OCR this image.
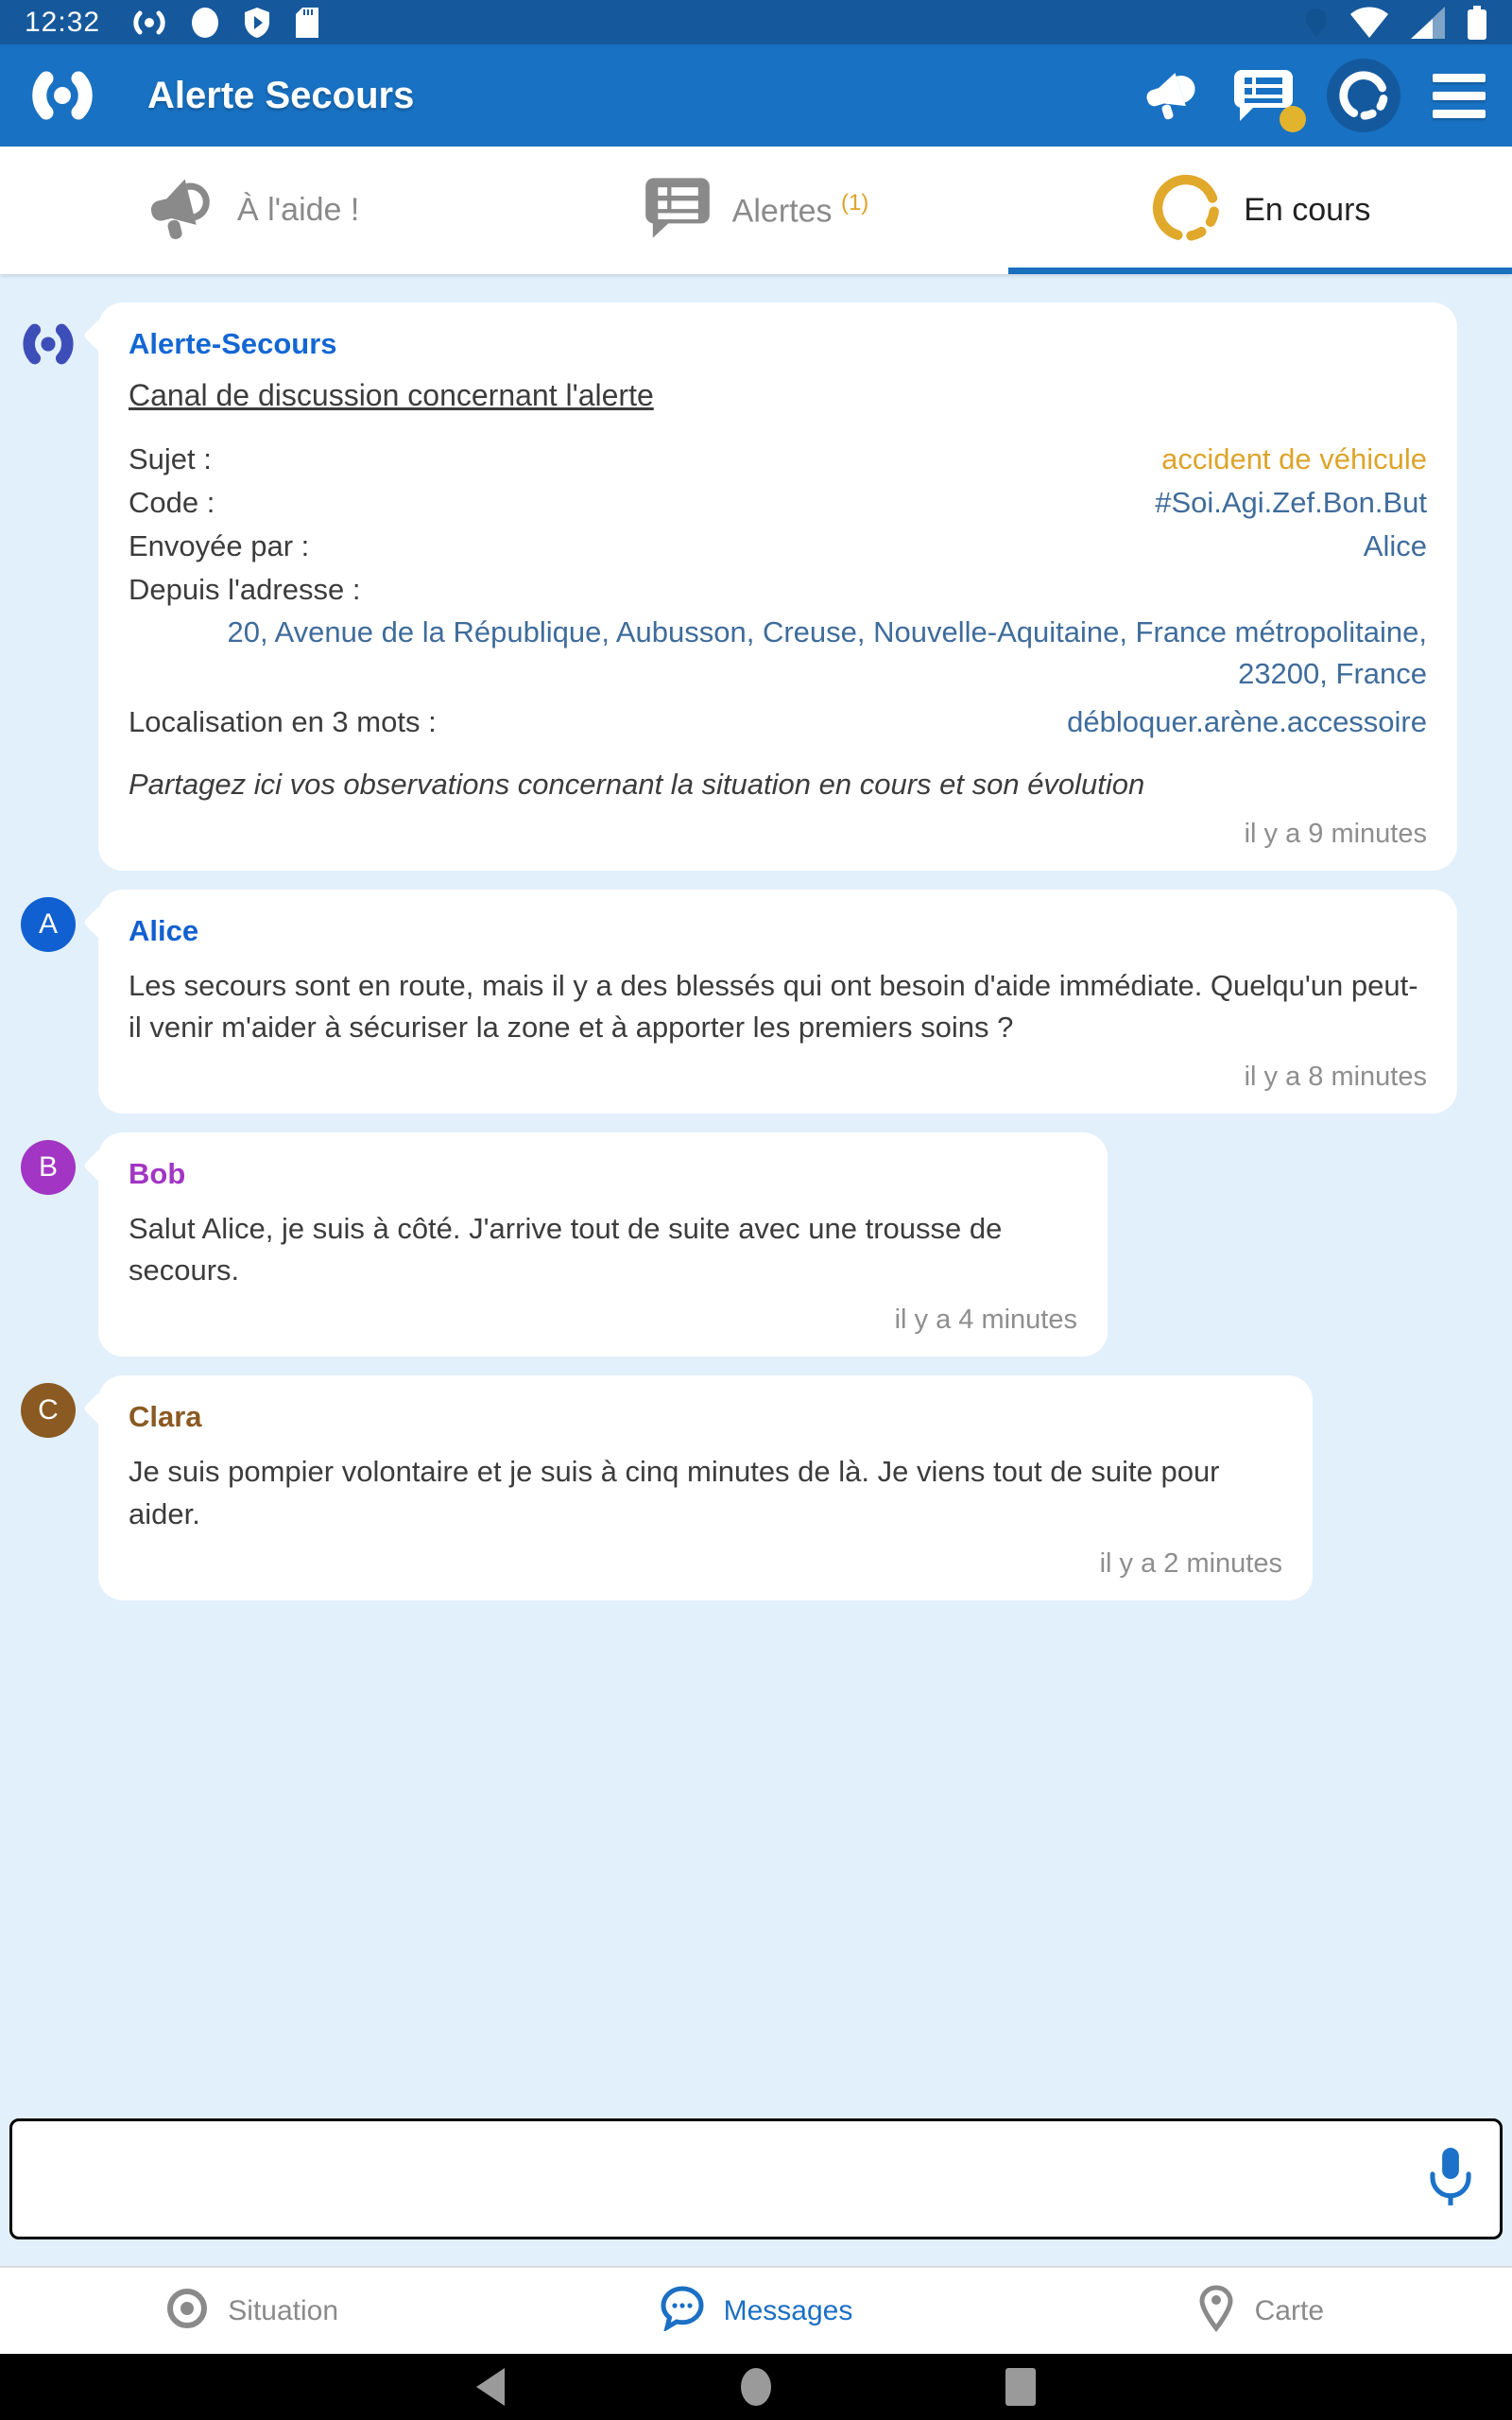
12:32
Alerte Secours
À l'aide !	Alertes $^{(1)}$	En cours
Alerte-Secours
Canal de discussion concernant l'alerte
Sujet :	accident de véhicule
Code :	#Soi.Agi.Zef.Bon.But
Envoyée par :	Alice
Depuis l'adresse :
20, Avenue de la République, Aubusson, Creuse, Nouvelle-Aquitaine, France métropolitaine, 23200, France
Localisation en 3 mots :	débloquer.arène.accessoire
Partagez ici vos observations concernant la situation en cours et son évolution
il y a 9 minutes
A	Alice
Les secours sont en route, mais il y a des blessés qui ont besoin d'aide immédiate. Quelqu'un peut-il venir m'aider à sécuriser la zone et à apporter les premiers soins ?
il y a 8 minutes
B	Bob
Salut Alice, je suis à côté. J'arrive tout de suite avec une trousse de secours.
il y a 4 minutes
C	Clara
Je suis pompier volontaire et je suis à cinq minutes de là. Je viens tout de suite pour aider.
il y a 2 minutes
Situation	Messages	Carte
